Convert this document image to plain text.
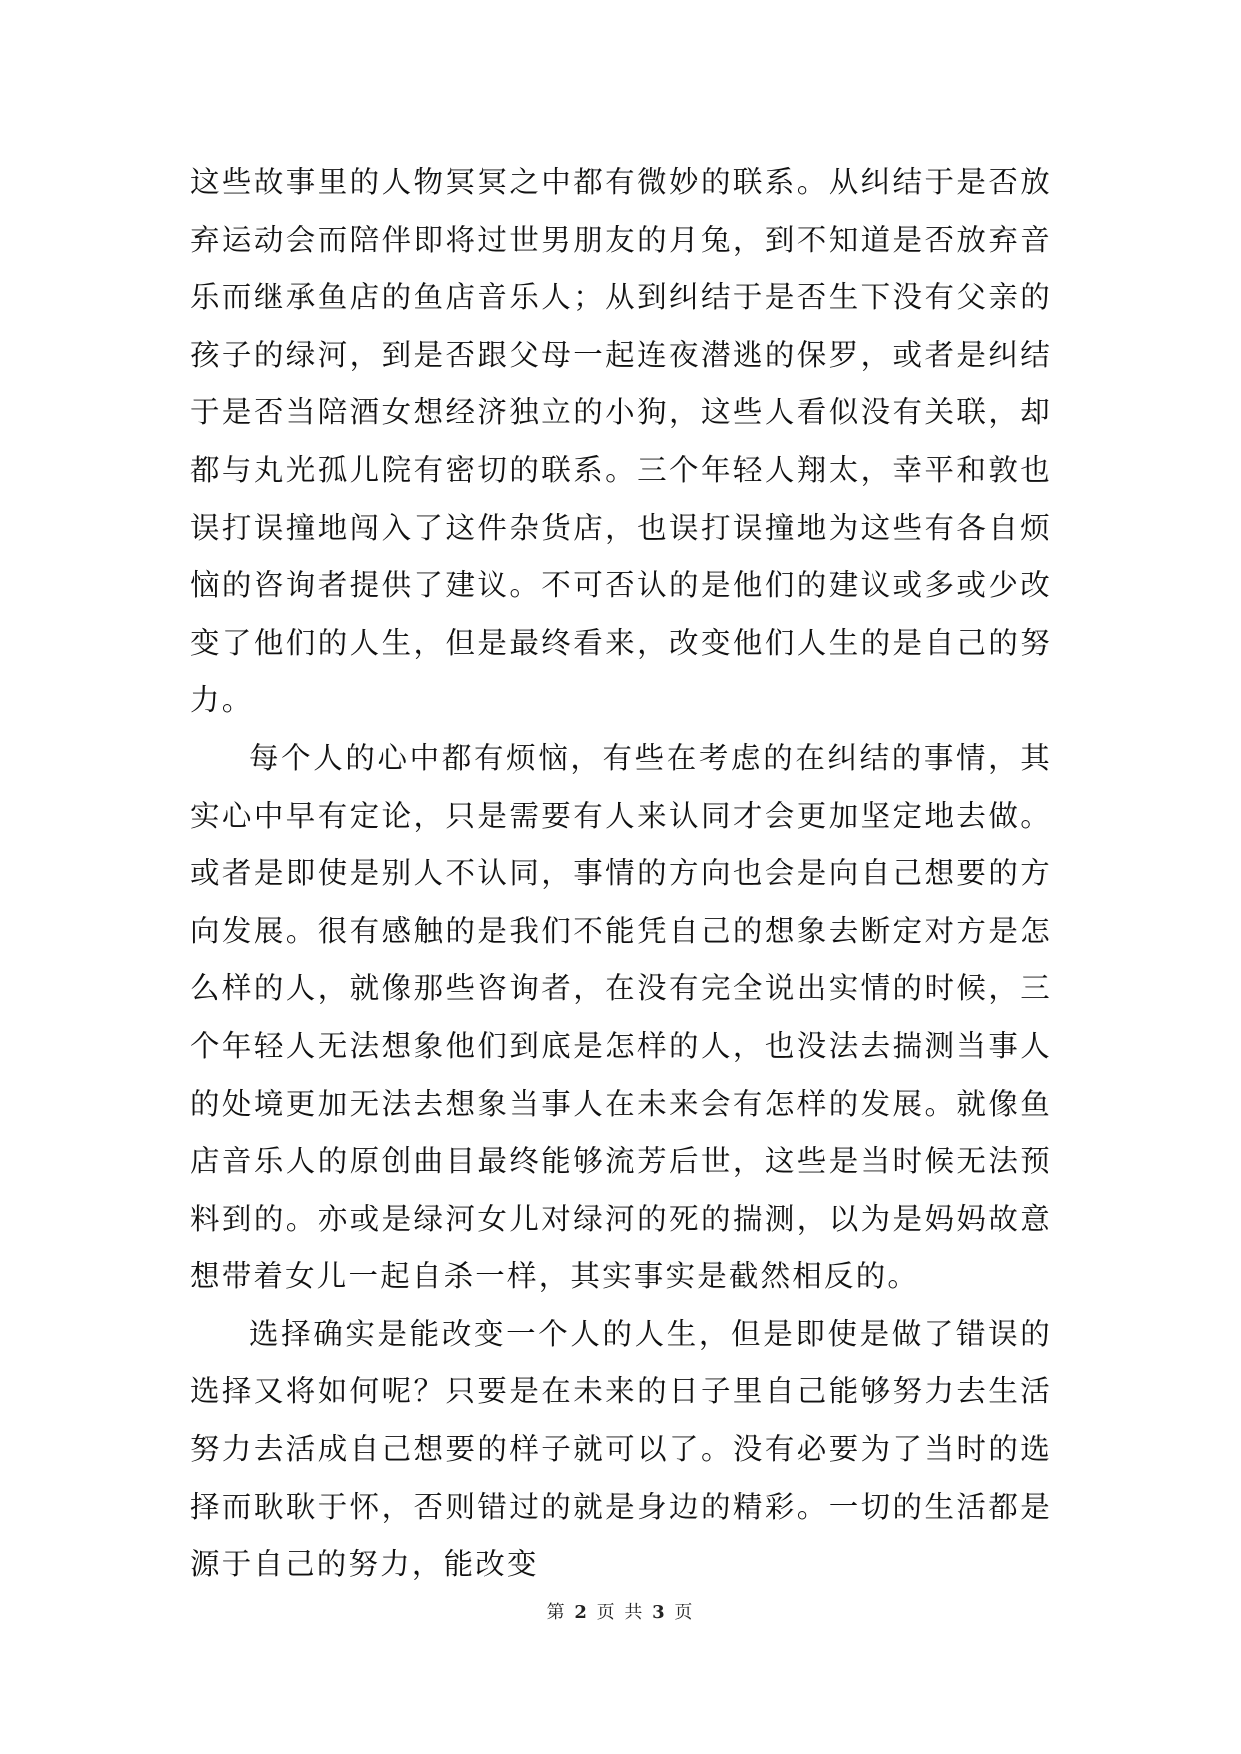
这些故事里的人物冥冥之中都有微妙的联系。从纠结于是否放弃运动会而陪伴即将过世男朋友的月兔，到不知道是否放弃音乐而继承鱼店的鱼店音乐人；从到纠结于是否生下没有父亲的孩子的绿河，到是否跟父母一起连夜潜逃的保罗，或者是纠结于是否当陪酒女想经济独立的小狗，这些人看似没有关联，却都与丸光孤儿院有密切的联系。三个年轻人翔太，幸平和敦也误打误撞地闯入了这件杂货店，也误打误撞地为这些有各自烦恼的咨询者提供了建议。不可否认的是他们的建议或多或少改变了他们的人生，但是最终看来，改变他们人生的是自己的努力。

每个人的心中都有烦恼，有些在考虑的在纠结的事情，其实心中早有定论，只是需要有人来认同才会更加坚定地去做。或者是即使是别人不认同，事情的方向也会是向自己想要的方向发展。很有感触的是我们不能凭自己的想象去断定对方是怎么样的人，就像那些咨询者，在没有完全说出实情的时候，三个年轻人无法想象他们到底是怎样的人，也没法去揣测当事人的处境更加无法去想象当事人在未来会有怎样的发展。就像鱼店音乐人的原创曲目最终能够流芳后世，这些是当时候无法预料到的。亦或是绿河女儿对绿河的死的揣测，以为是妈妈故意想带着女儿一起自杀一样，其实事实是截然相反的。

选择确实是能改变一个人的人生，但是即使是做了错误的选择又将如何呢？只要是在未来的日子里自己能够努力去生活努力去活成自己想要的样子就可以了。没有必要为了当时的选择而耿耿于怀，否则错过的就是身边的精彩。一切的生活都是源于自己的努力，能改变

第 2 页 共 3 页
